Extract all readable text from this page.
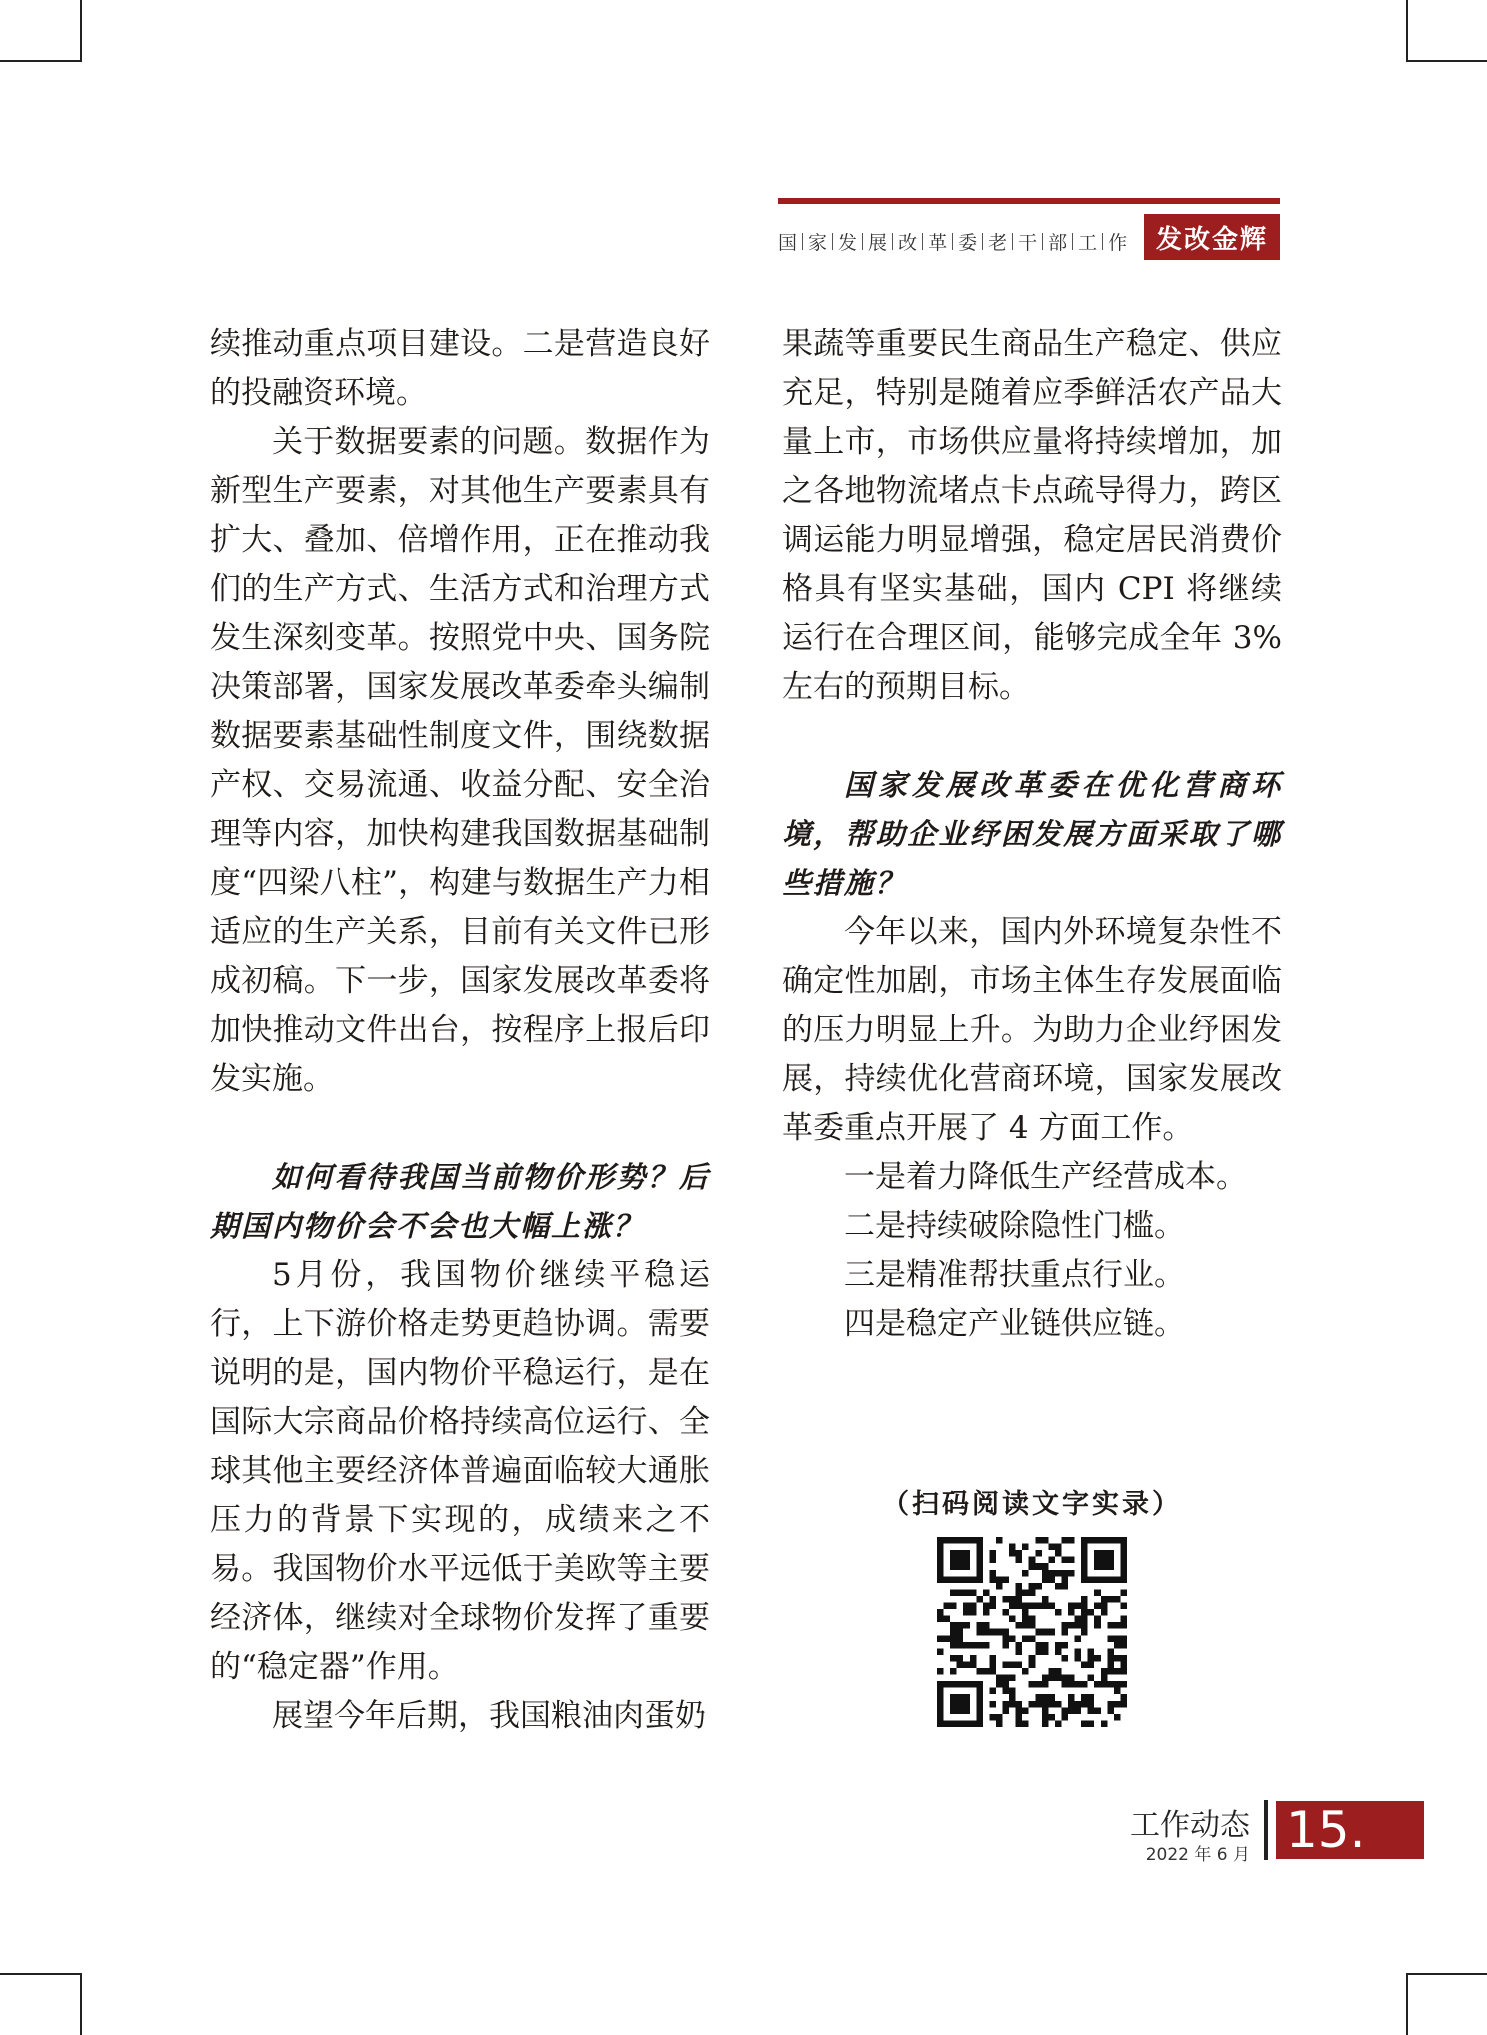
国 家 发 展 改 革 委 老 干 部 工 作	发改金辉

续推动重点项目建设。二是营造良好的投融资环境。

关于数据要素的问题。数据作为新型生产要素，对其他生产要素具有扩大、叠加、倍增作用，正在推动我们的生产方式、生活方式和治理方式发生深刻变革。按照党中央、国务院决策部署，国家发展改革委牵头编制数据要素基础性制度文件，围绕数据产权、交易流通、收益分配、安全治理等内容，加快构建我国数据基础制度“四梁八柱”，构建与数据生产力相适应的生产关系，目前有关文件已形成初稿。下一步，国家发展改革委将加快推动文件出台，按程序上报后印发实施。

如何看待我国当前物价形势？后期国内物价会不会也大幅上涨？

5月份，我国物价继续平稳运行，上下游价格走势更趋协调。需要说明的是，国内物价平稳运行，是在国际大宗商品价格持续高位运行、全球其他主要经济体普遍面临较大通胀压力的背景下实现的，成绩来之不易。我国物价水平远低于美欧等主要经济体，继续对全球物价发挥了重要的“稳定器”作用。

展望今年后期，我国粮油肉蛋奶

果蔬等重要民生商品生产稳定、供应充足，特别是随着应季鲜活农产品大量上市，市场供应量将持续增加，加之各地物流堵点卡点疏导得力，跨区调运能力明显增强，稳定居民消费价格具有坚实基础，国内 CPI 将继续运行在合理区间，能够完成全年 3% 左右的预期目标。

国家发展改革委在优化营商环境，帮助企业纾困发展方面采取了哪些措施？

今年以来，国内外环境复杂性不确定性加剧，市场主体生存发展面临的压力明显上升。为助力企业纾困发展，持续优化营商环境，国家发展改革委重点开展了 4 方面工作。

一是着力降低生产经营成本。

二是持续破除隐性门槛。

三是精准帮扶重点行业。

四是稳定产业链供应链。

（扫码阅读文字实录）
工作动态
2022 年 6 月 15.
